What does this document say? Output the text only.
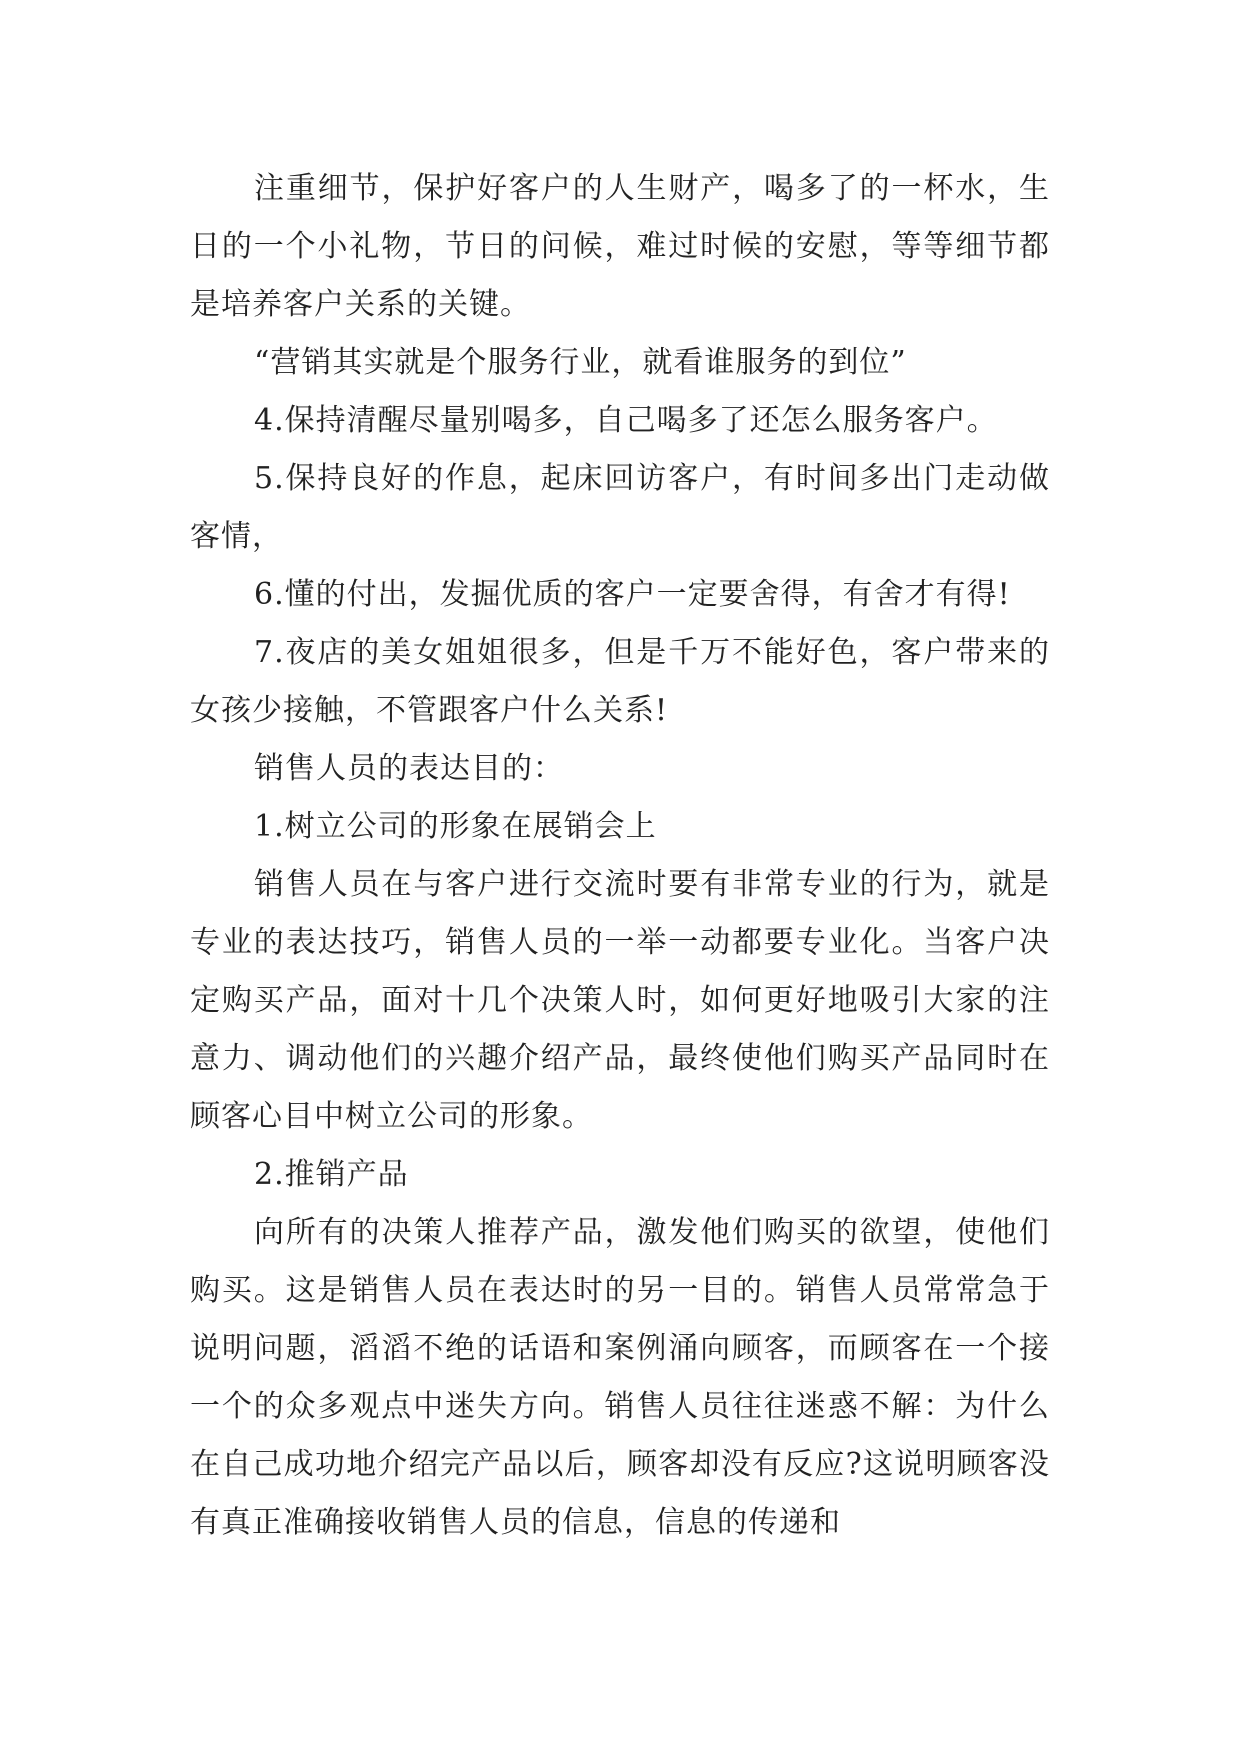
注重细节，保护好客户的人生财产，喝多了的一杯水，生日的一个小礼物，节日的问候，难过时候的安慰，等等细节都是培养客户关系的关键。

“营销其实就是个服务行业，就看谁服务的到位”

4.保持清醒尽量别喝多，自己喝多了还怎么服务客户。

5.保持良好的作息，起床回访客户，有时间多出门走动做客情，

6.懂的付出，发掘优质的客户一定要舍得，有舍才有得!

7.夜店的美女姐姐很多，但是千万不能好色，客户带来的女孩少接触，不管跟客户什么关系!

销售人员的表达目的：

1.树立公司的形象在展销会上

销售人员在与客户进行交流时要有非常专业的行为，就是专业的表达技巧，销售人员的一举一动都要专业化。当客户决定购买产品，面对十几个决策人时，如何更好地吸引大家的注意力、调动他们的兴趣介绍产品，最终使他们购买产品同时在顾客心目中树立公司的形象。

2.推销产品

向所有的决策人推荐产品，激发他们购买的欲望，使他们购买。这是销售人员在表达时的另一目的。销售人员常常急于说明问题，滔滔不绝的话语和案例涌向顾客，而顾客在一个接一个的众多观点中迷失方向。销售人员往往迷惑不解：为什么在自己成功地介绍完产品以后，顾客却没有反应?这说明顾客没有真正准确接收销售人员的信息，信息的传递和
